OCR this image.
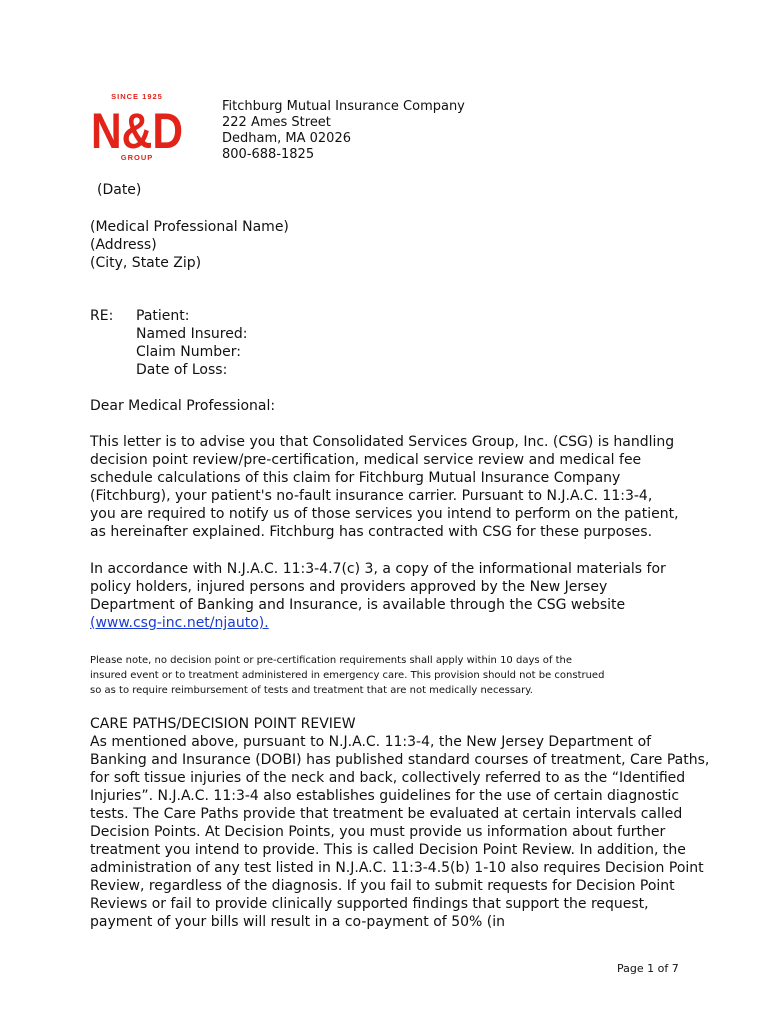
SINCE 1925
N&D
GROUP
Fitchburg Mutual Insurance Company
222 Ames Street
Dedham, MA 02026
800-688-1825
(Date)
(Medical Professional Name)
(Address)
(City, State Zip)
RE: Patient:
Named Insured:
Claim Number:
Date of Loss:
Dear Medical Professional:
This letter is to advise you that Consolidated Services Group, Inc. (CSG) is handling
decision point review/pre-certification, medical service review and medical fee
schedule calculations of this claim for Fitchburg Mutual Insurance Company
(Fitchburg), your patient's no-fault insurance carrier. Pursuant to N.J.A.C. 11:3-4,
you are required to notify us of those services you intend to perform on the patient,
as hereinafter explained. Fitchburg has contracted with CSG for these purposes.
In accordance with N.J.A.C. 11:3-4.7(c) 3, a copy of the informational materials for
policy holders, injured persons and providers approved by the New Jersey
Department of Banking and Insurance, is available through the CSG website
(www.csg-inc.net/njauto).
Please note, no decision point or pre-certification requirements shall apply within 10 days of the
insured event or to treatment administered in emergency care. This provision should not be construed
so as to require reimbursement of tests and treatment that are not medically necessary.
CARE PATHS/DECISION POINT REVIEW
As mentioned above, pursuant to N.J.A.C. 11:3-4, the New Jersey Department of
Banking and Insurance (DOBI) has published standard courses of treatment, Care Paths,
for soft tissue injuries of the neck and back, collectively referred to as the “Identified
Injuries”. N.J.A.C. 11:3-4 also establishes guidelines for the use of certain diagnostic
tests. The Care Paths provide that treatment be evaluated at certain intervals called
Decision Points. At Decision Points, you must provide us information about further
treatment you intend to provide. This is called Decision Point Review. In addition, the
administration of any test listed in N.J.A.C. 11:3-4.5(b) 1-10 also requires Decision Point
Review, regardless of the diagnosis. If you fail to submit requests for Decision Point
Reviews or fail to provide clinically supported findings that support the request,
payment of your bills will result in a co-payment of 50% (in
Page 1 of 7
